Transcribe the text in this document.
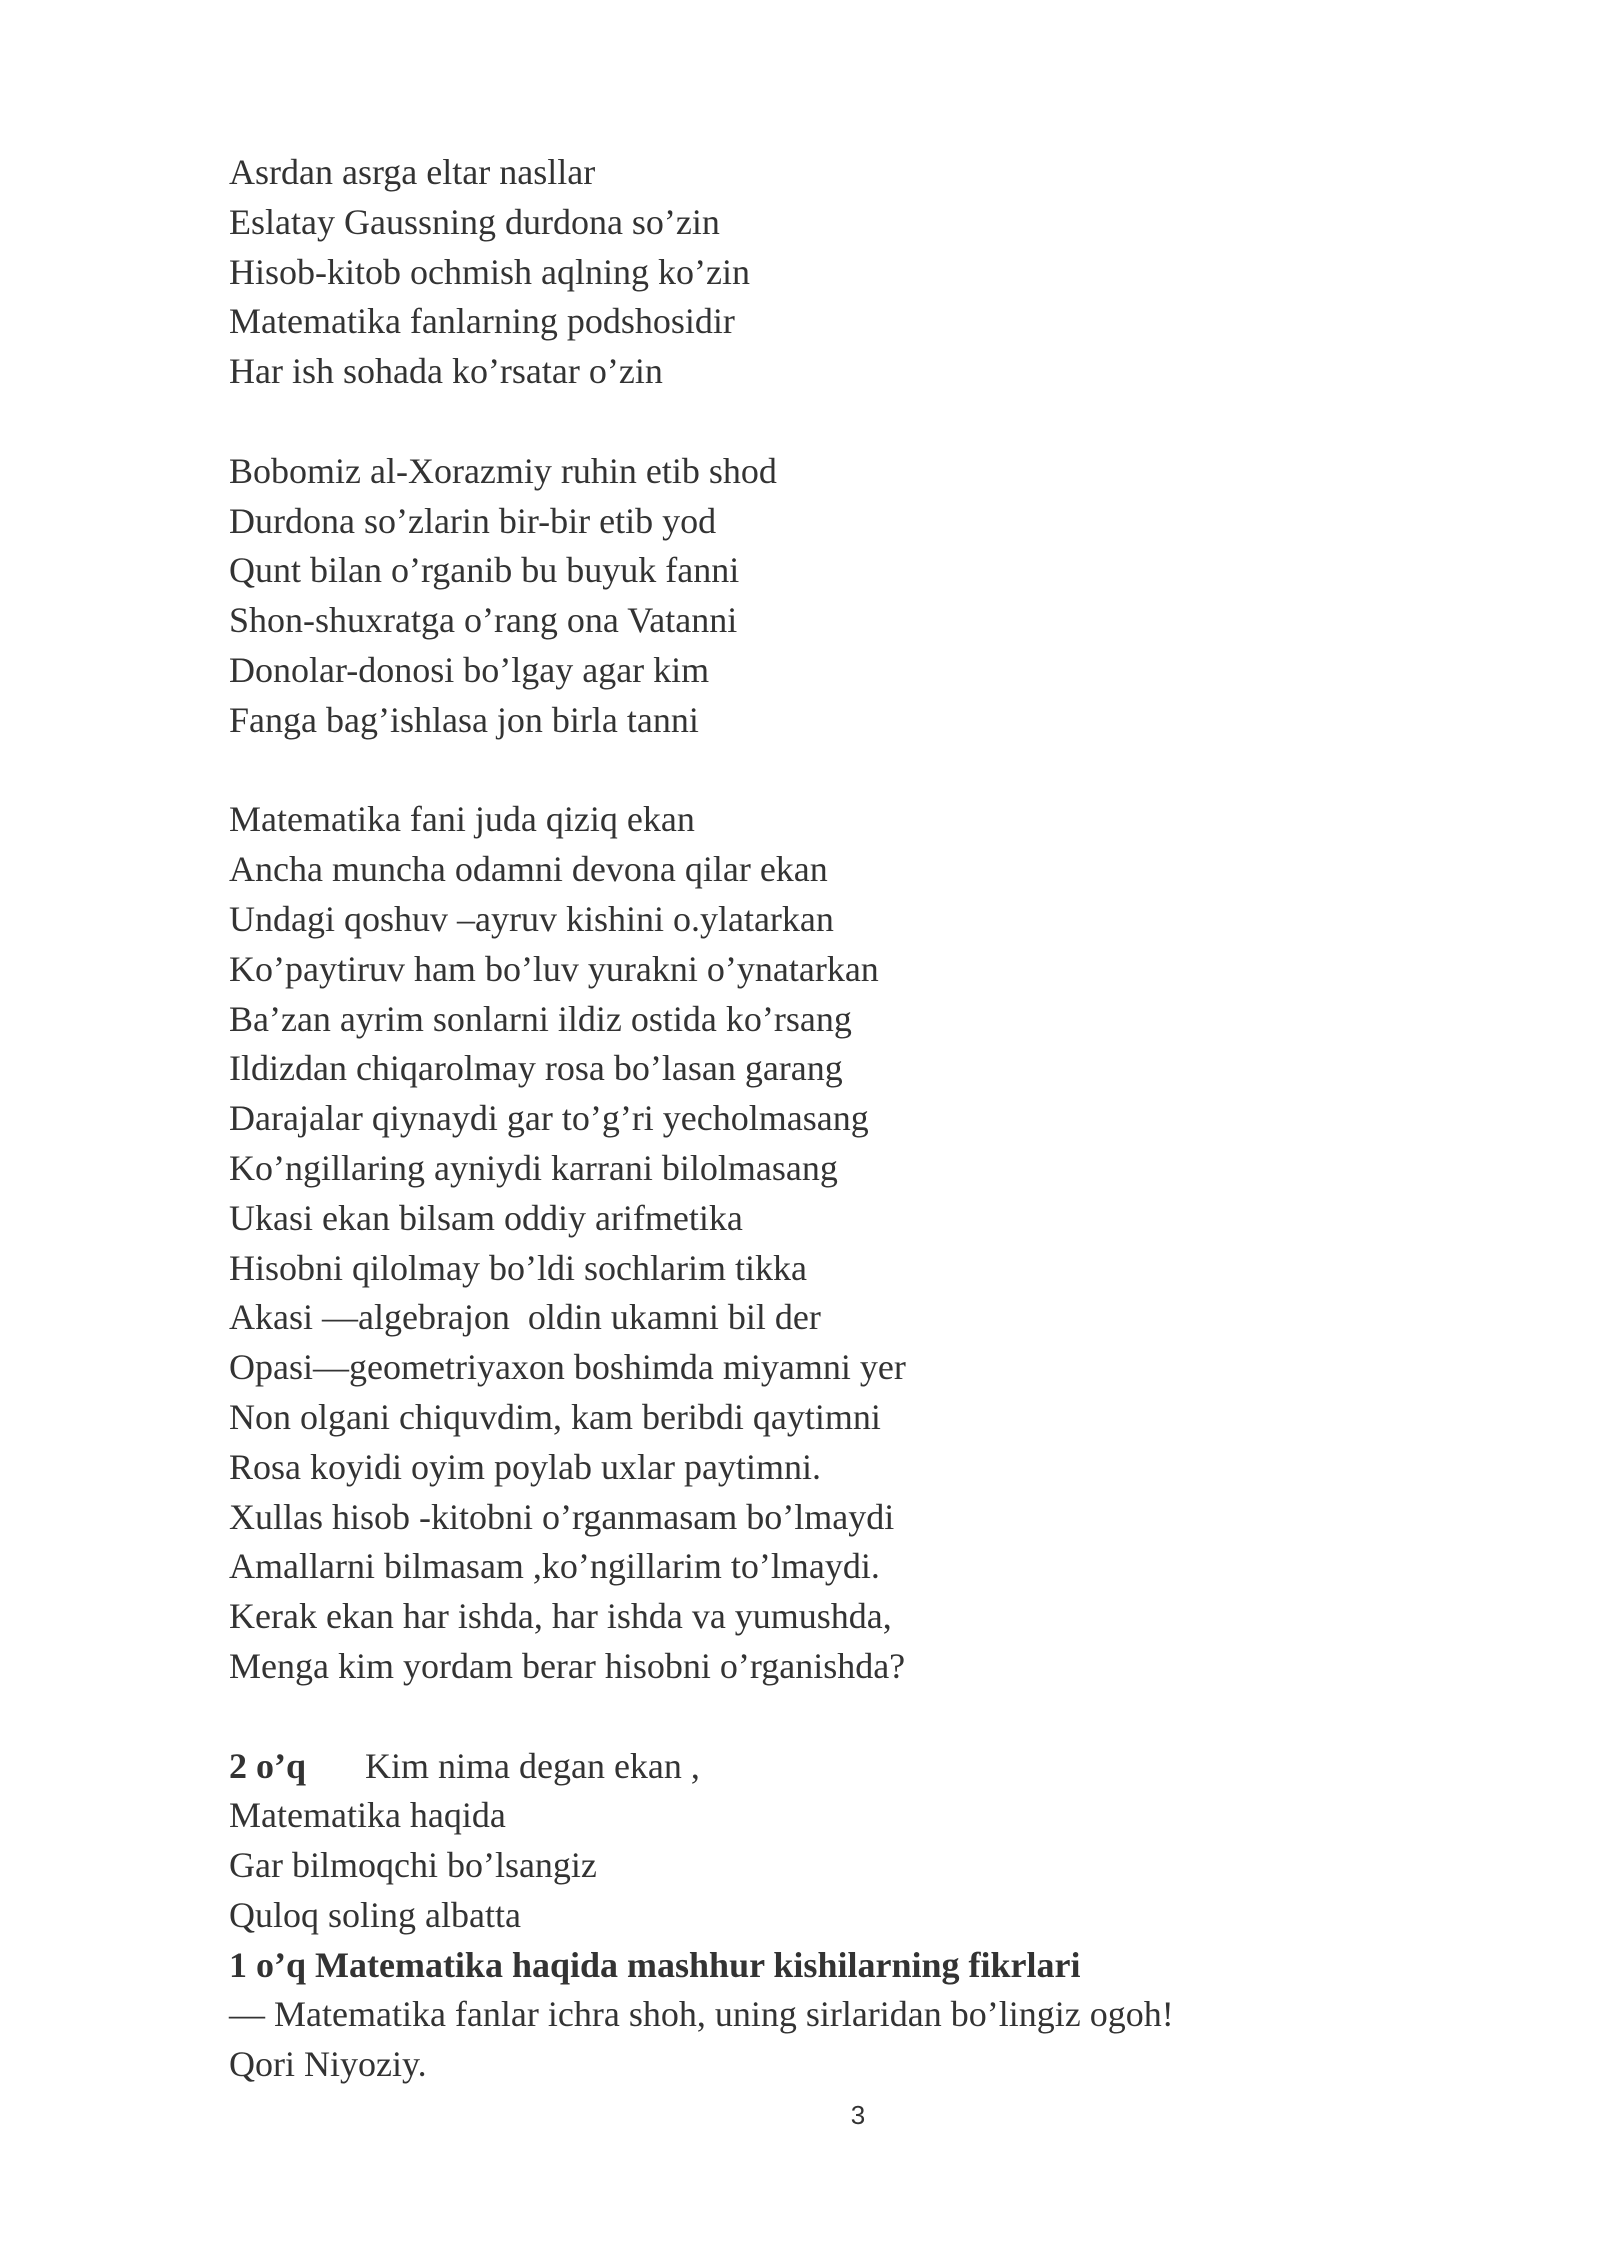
Asrdan asrga eltar nasllar
Eslatay Gaussning durdona so’zin
Hisob-kitob ochmish aqlning ko’zin
Matematika fanlarning podshosidir
Har ish sohada ko’rsatar o’zin
Bobomiz al-Xorazmiy ruhin etib shod
Durdona so’zlarin bir-bir etib yod
Qunt bilan o’rganib bu buyuk fanni
Shon-shuxratga o’rang ona Vatanni
Donolar-donosi bo’lgay agar kim
Fanga bag’ishlasa jon birla tanni
Matematika fani juda qiziq ekan
Ancha muncha odamni devona qilar ekan
Undagi qoshuv –ayruv kishini o.ylatarkan
Ko’paytiruv ham bo’luv yurakni o’ynatarkan
Ba’zan ayrim sonlarni ildiz ostida ko’rsang
Ildizdan chiqarolmay rosa bo’lasan garang
Darajalar qiynaydi gar to’g’ri yecholmasang
Ko’ngillaring ayniydi karrani bilolmasang
Ukasi ekan bilsam oddiy arifmetika
Hisobni qilolmay bo’ldi sochlarim tikka
Akasi —algebrajon  oldin ukamni bil der
Opasi—geometriyaxon boshimda miyamni yer
Non olgani chiquvdim, kam beribdi qaytimni
Rosa koyidi oyim poylab uxlar paytimni.
Xullas hisob -kitobni o’rganmasam bo’lmaydi
Amallarni bilmasam ,ko’ngillarim to’lmaydi.
Kerak ekan har ishda, har ishda va yumushda,
Menga kim yordam berar hisobni o’rganishda?
2 o’q Kim nima degan ekan ,
Matematika haqida
Gar bilmoqchi bo’lsangiz
Quloq soling albatta
1 o’q Matematika haqida mashhur kishilarning fikrlari
— Matematika fanlar ichra shoh, uning sirlaridan bo’lingiz ogoh!
Qori Niyoziy.
3
